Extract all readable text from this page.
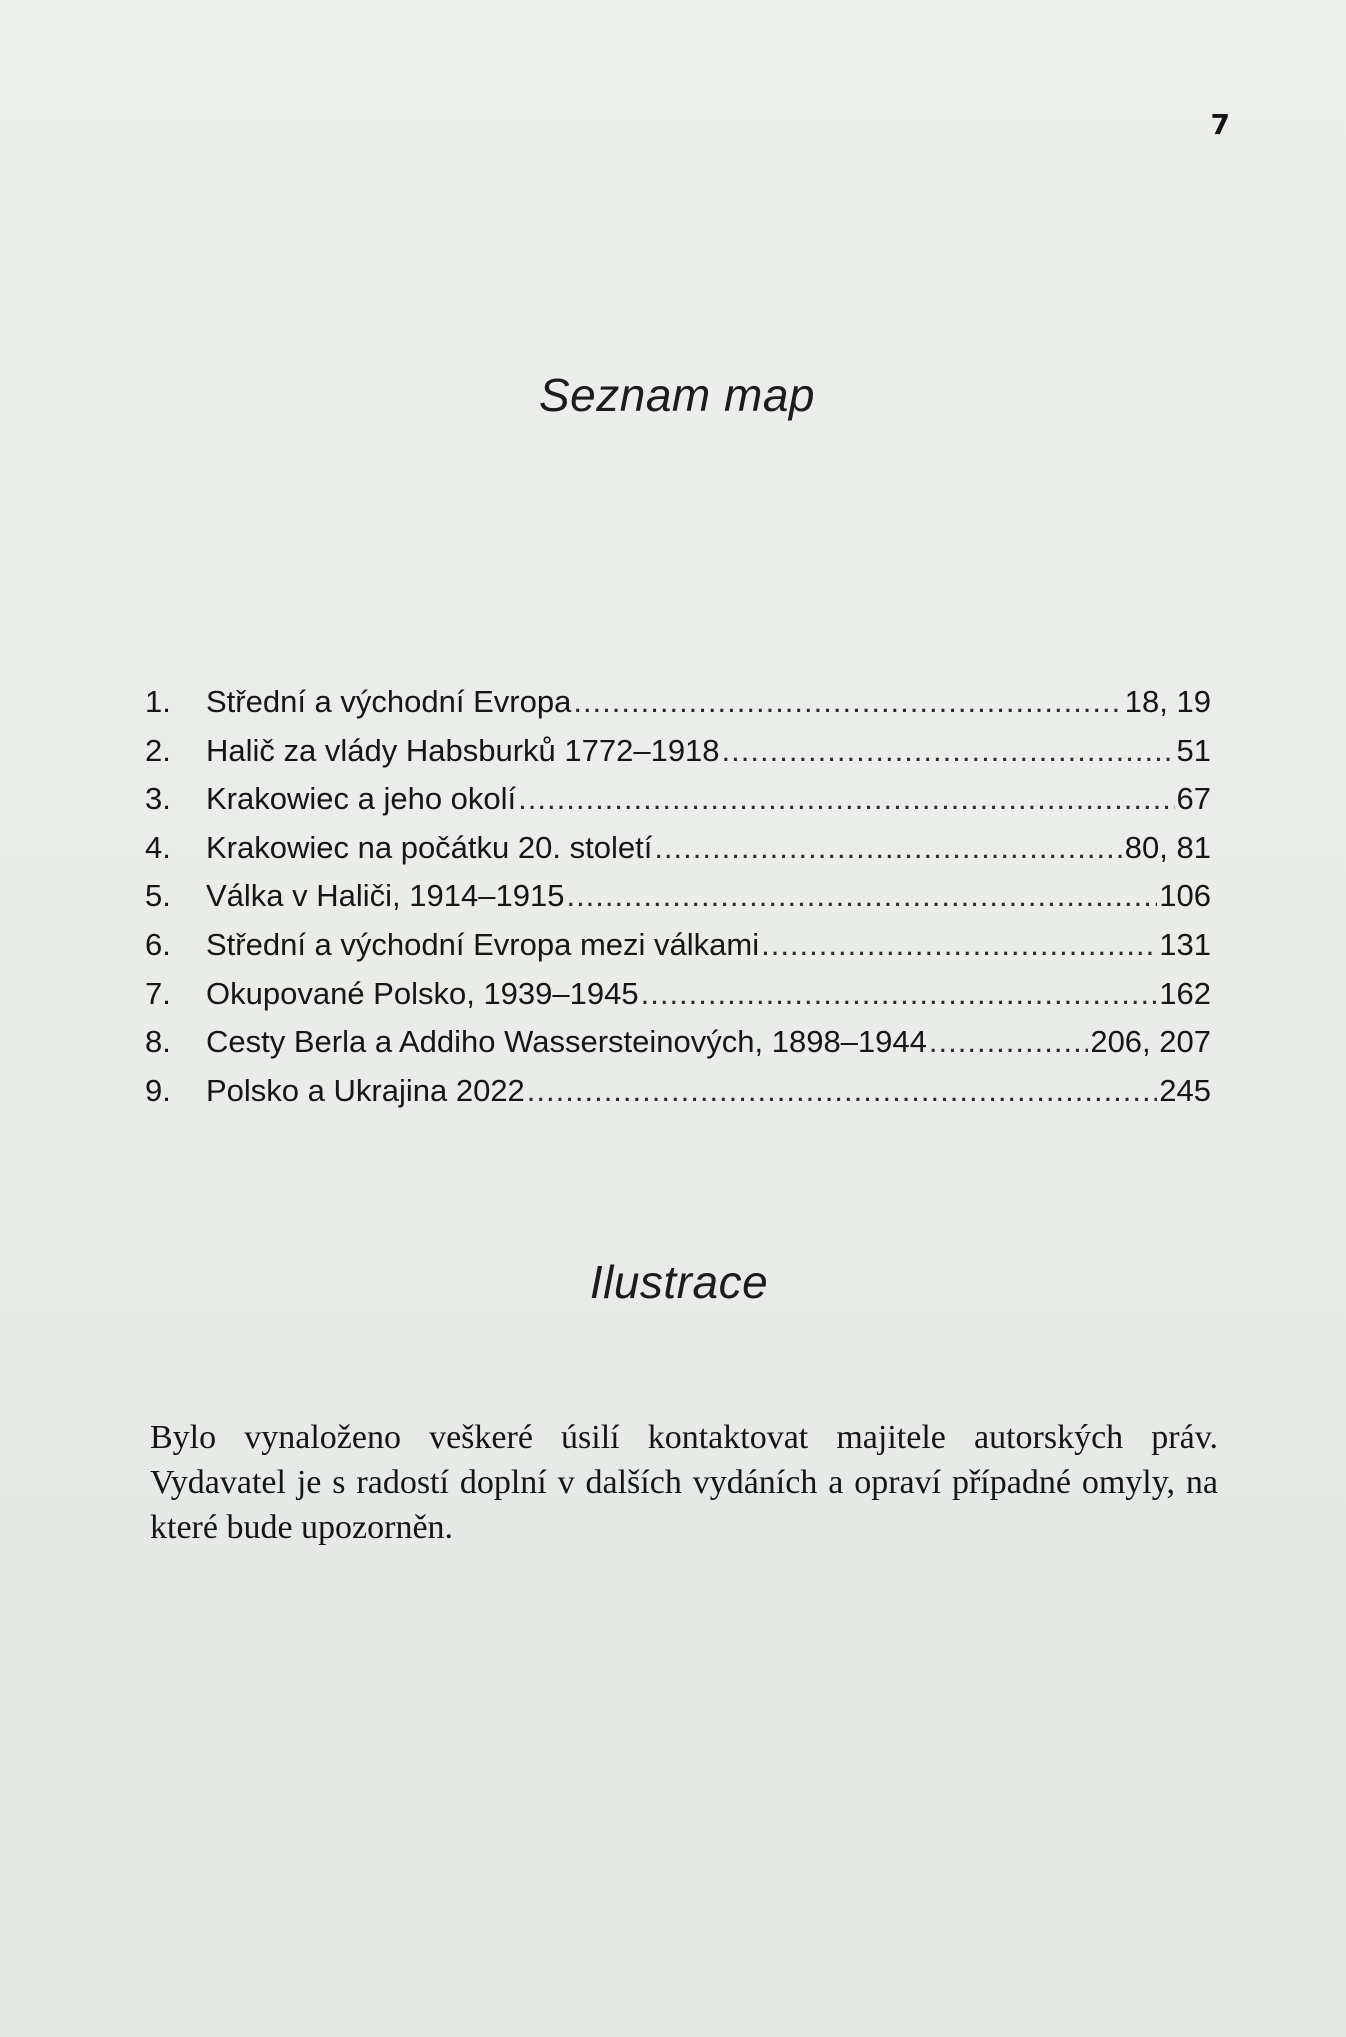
7
Seznam map
1.	Střední a východní Evropa .....	18, 19
2.	Halič za vlády Habsburků 1772–1918 .....	51
3.	Krakowiec a jeho okolí .....	67
4.	Krakowiec na počátku 20. století .....	80, 81
5.	Válka v Haliči, 1914–1915 .....	106
6.	Střední a východní Evropa mezi válkami .....	131
7.	Okupované Polsko, 1939–1945 .....	162
8.	Cesty Berla a Addiho Wassersteinových, 1898–1944 .....	206, 207
9.	Polsko a Ukrajina 2022 .....	245
Ilustrace

Bylo vynaloženo veškeré úsilí kontaktovat majitele autorských práv. Vydavatel je s radostí doplní v dalších vydáních a opraví případné omyly, na které bude upozorněn.
